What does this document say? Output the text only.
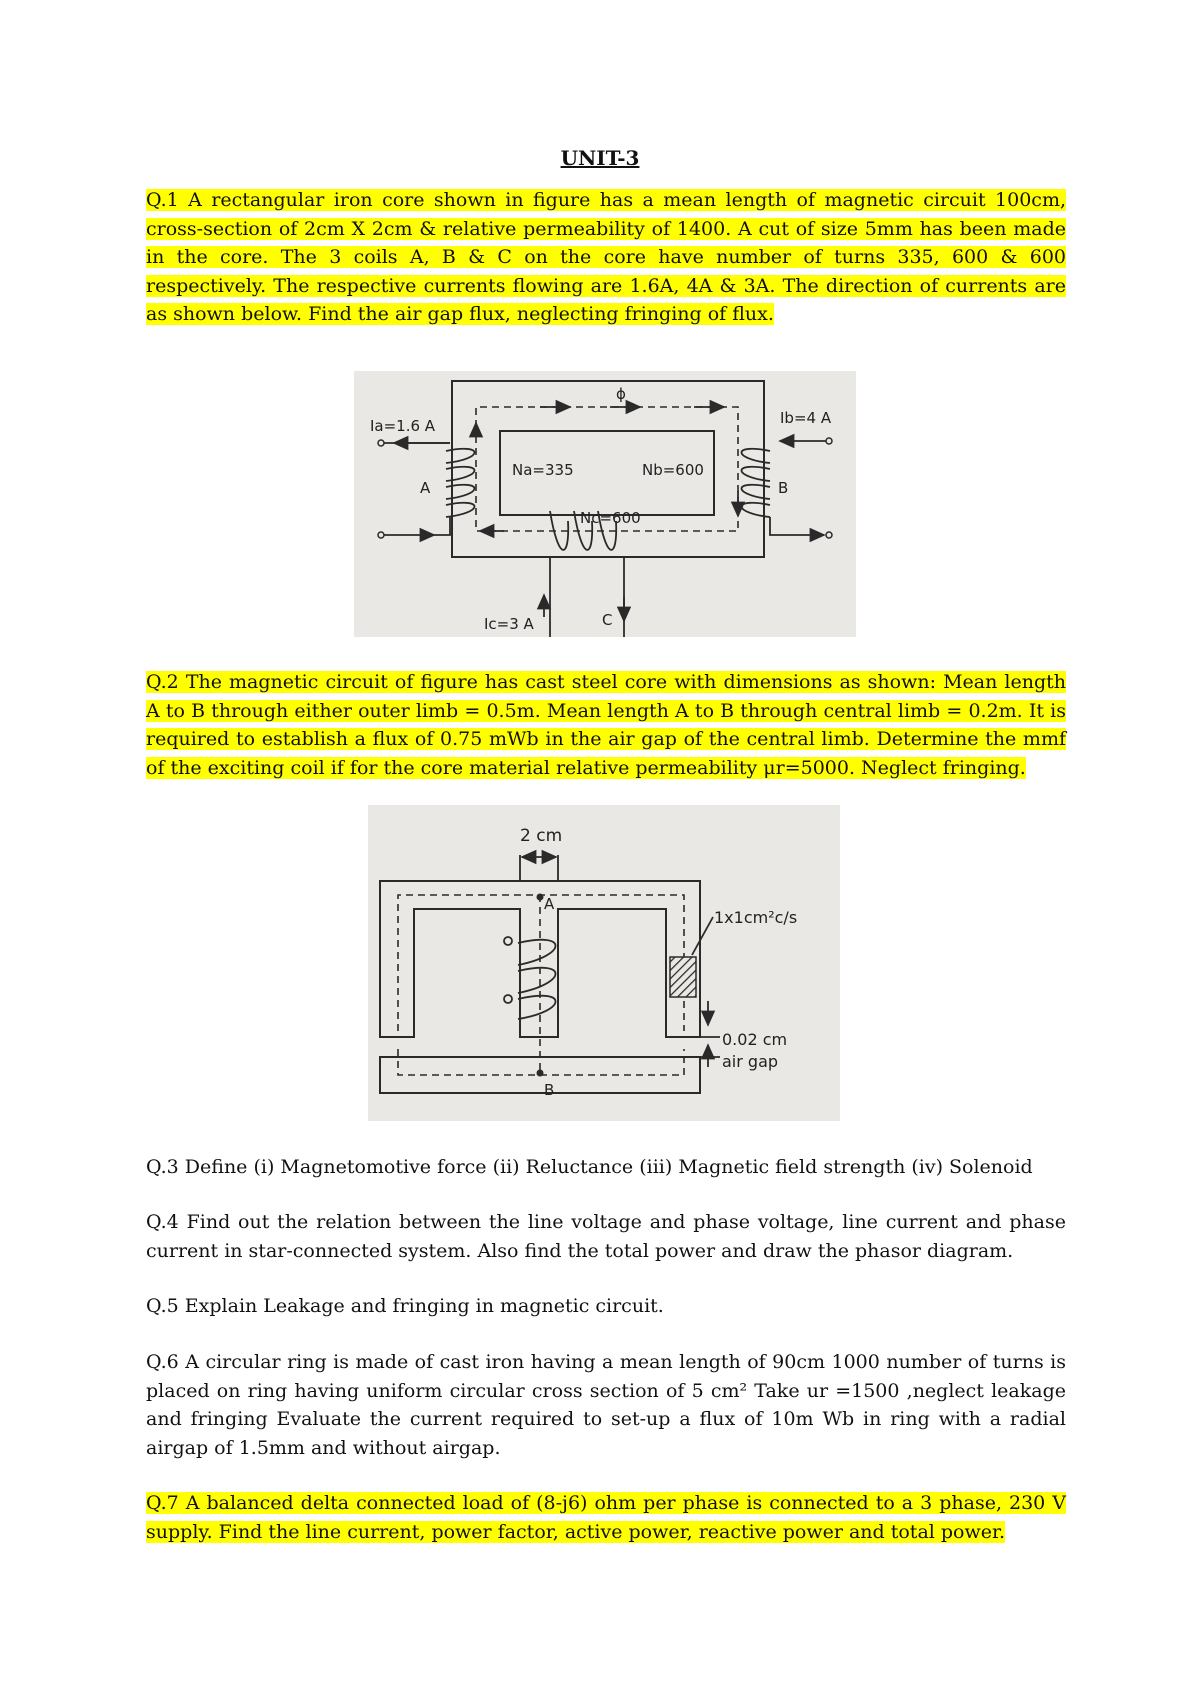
UNIT-3

Q.1 A rectangular iron core shown in figure has a mean length of magnetic circuit 100cm, cross-section of 2cm X 2cm & relative permeability of 1400. A cut of size 5mm has been made in the core. The 3 coils A, B & C on the core have number of turns 335, 600 & 600 respectively. The respective currents flowing are 1.6A, 4A & 3A. The direction of currents are as shown below. Find the air gap flux, neglecting fringing of flux.

Ia=1.6 A	Ib=4 A
Ic=3 A
Na=335	Nb=600
Nc=600
ϕ
A	B
C

Q.2 The magnetic circuit of figure has cast steel core with dimensions as shown: Mean length A to B through either outer limb = 0.5m. Mean length A to B through central limb = 0.2m. It is required to establish a flux of 0.75 mWb in the air gap of the central limb. Determine the mmf of the exciting coil if for the core material relative permeability μr=5000. Neglect fringing.

2 cm
A
B
1x1cm²c/s
0.02 cm
air gap

Q.3 Define (i) Magnetomotive force (ii) Reluctance (iii) Magnetic field strength (iv) Solenoid

Q.4 Find out the relation between the line voltage and phase voltage, line current and phase current in star-connected system. Also find the total power and draw the phasor diagram.

Q.5 Explain Leakage and fringing in magnetic circuit.

Q.6 A circular ring is made of cast iron having a mean length of 90cm 1000 number of turns is placed on ring having uniform circular cross section of 5 cm² Take ur =1500 ,neglect leakage and fringing Evaluate the current required to set-up a flux of 10m Wb in ring with a radial airgap of 1.5mm and without airgap.

Q.7 A balanced delta connected load of (8-j6) ohm per phase is connected to a 3 phase, 230 V supply. Find the line current, power factor, active power, reactive power and total power.
